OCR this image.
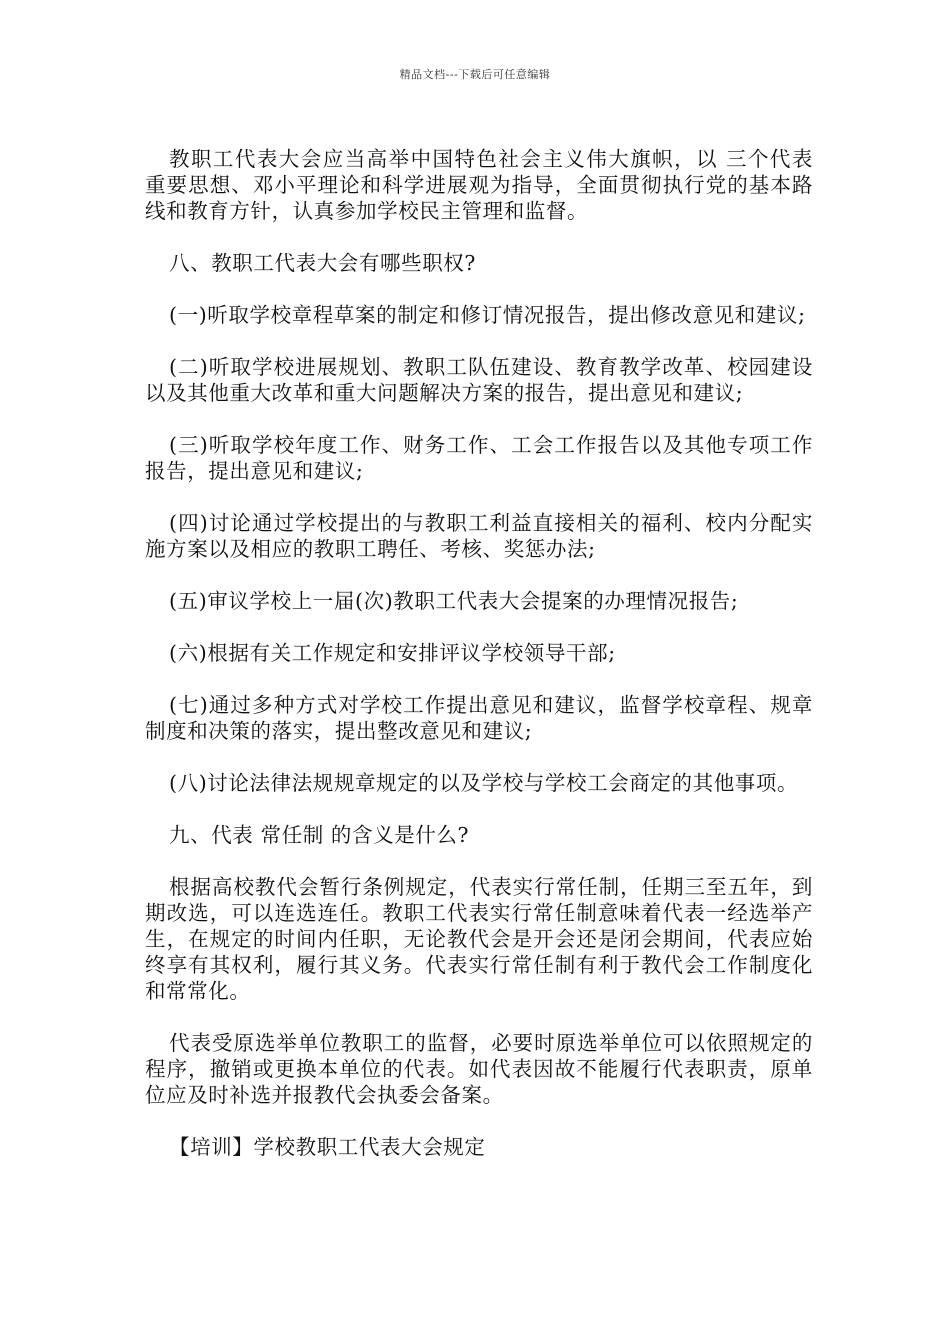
精品文档---下载后可任意编辑

教职工代表大会应当高举中国特色社会主义伟大旗帜，以 三个代表 重要思想、邓小平理论和科学进展观为指导，全面贯彻执行党的基本路线和教育方针，认真参加学校民主管理和监督。

八、教职工代表大会有哪些职权?

(一)听取学校章程草案的制定和修订情况报告，提出修改意见和建议;

(二)听取学校进展规划、教职工队伍建设、教育教学改革、校园建设以及其他重大改革和重大问题解决方案的报告，提出意见和建议;

(三)听取学校年度工作、财务工作、工会工作报告以及其他专项工作报告，提出意见和建议;

(四)讨论通过学校提出的与教职工利益直接相关的福利、校内分配实施方案以及相应的教职工聘任、考核、奖惩办法;

(五)审议学校上一届(次)教职工代表大会提案的办理情况报告;

(六)根据有关工作规定和安排评议学校领导干部;

(七)通过多种方式对学校工作提出意见和建议，监督学校章程、规章制度和决策的落实，提出整改意见和建议;

(八)讨论法律法规规章规定的以及学校与学校工会商定的其他事项。

九、代表 常任制 的含义是什么?

根据高校教代会暂行条例规定，代表实行常任制，任期三至五年，到期改选，可以连选连任。教职工代表实行常任制意味着代表一经选举产生，在规定的时间内任职，无论教代会是开会还是闭会期间，代表应始终享有其权利，履行其义务。代表实行常任制有利于教代会工作制度化和常常化。

代表受原选举单位教职工的监督，必要时原选举单位可以依照规定的程序，撤销或更换本单位的代表。如代表因故不能履行代表职责，原单位应及时补选并报教代会执委会备案。

【培训】学校教职工代表大会规定
